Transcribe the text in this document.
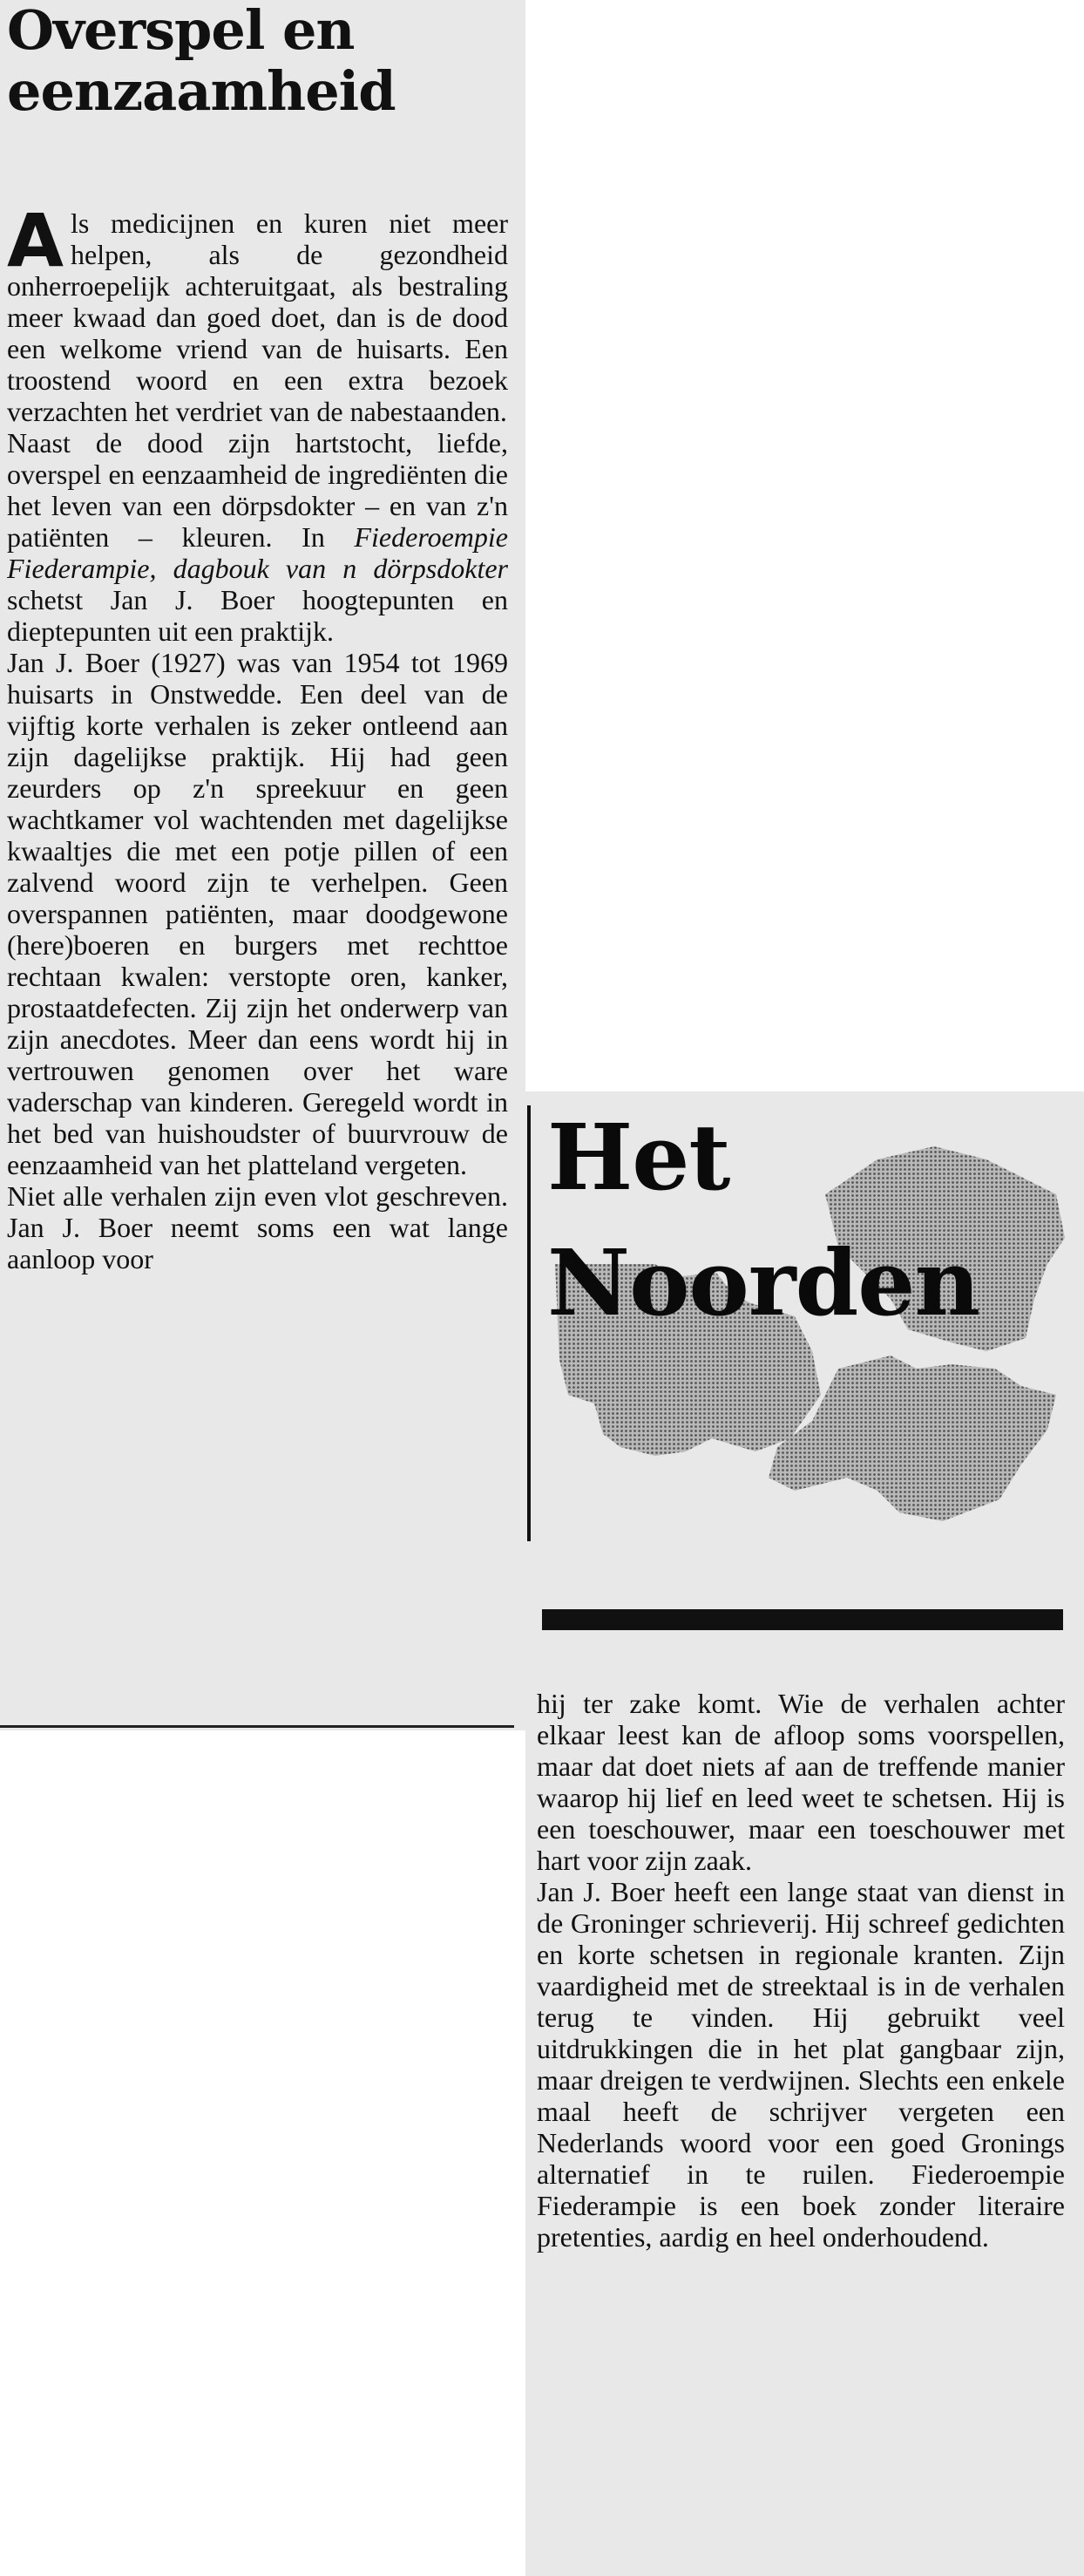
Overspel en
eenzaamheid

Als medicijnen en kuren niet meer helpen, als de gezondheid onherroepelijk achteruitgaat, als bestraling meer kwaad dan goed doet, dan is de dood een welkome vriend van de huisarts. Een troostend woord en een extra bezoek verzachten het verdriet van de nabestaanden.

Naast de dood zijn hartstocht, liefde, overspel en eenzaamheid de ingrediënten die het leven van een dörpsdokter – en van z'n patiënten – kleuren. In Fiederoempie Fiederampie, dagbouk van n dörpsdokter schetst Jan J. Boer hoogtepunten en dieptepunten uit een praktijk.

Jan J. Boer (1927) was van 1954 tot 1969 huisarts in Onstwedde. Een deel van de vijftig korte verhalen is zeker ontleend aan zijn dagelijkse praktijk. Hij had geen zeurders op z'n spreekuur en geen wachtkamer vol wachtenden met dagelijkse kwaaltjes die met een potje pillen of een zalvend woord zijn te verhelpen. Geen overspannen patiënten, maar doodgewone (here)boeren en burgers met rechttoe rechtaan kwalen: verstopte oren, kanker, prostaatdefecten. Zij zijn het onderwerp van zijn anecdotes. Meer dan eens wordt hij in vertrouwen genomen over het ware vaderschap van kinderen. Geregeld wordt in het bed van huishoudster of buurvrouw de eenzaamheid van het platteland vergeten.

Niet alle verhalen zijn even vlot geschreven. Jan J. Boer neemt soms een wat lange aanloop voor

Het

Noorden

hij ter zake komt. Wie de verhalen achter elkaar leest kan de afloop soms voorspellen, maar dat doet niets af aan de treffende manier waarop hij lief en leed weet te schetsen. Hij is een toeschouwer, maar een toeschouwer met hart voor zijn zaak.

Jan J. Boer heeft een lange staat van dienst in de Groninger schrieverij. Hij schreef gedichten en korte schetsen in regionale kranten. Zijn vaardigheid met de streektaal is in de verhalen terug te vinden. Hij gebruikt veel uitdrukkingen die in het plat gangbaar zijn, maar dreigen te verdwijnen. Slechts een enkele maal heeft de schrijver vergeten een Nederlands woord voor een goed Gronings alternatief in te ruilen. Fiederoempie Fiederampie is een boek zonder literaire pretenties, aardig en heel onderhoudend.
